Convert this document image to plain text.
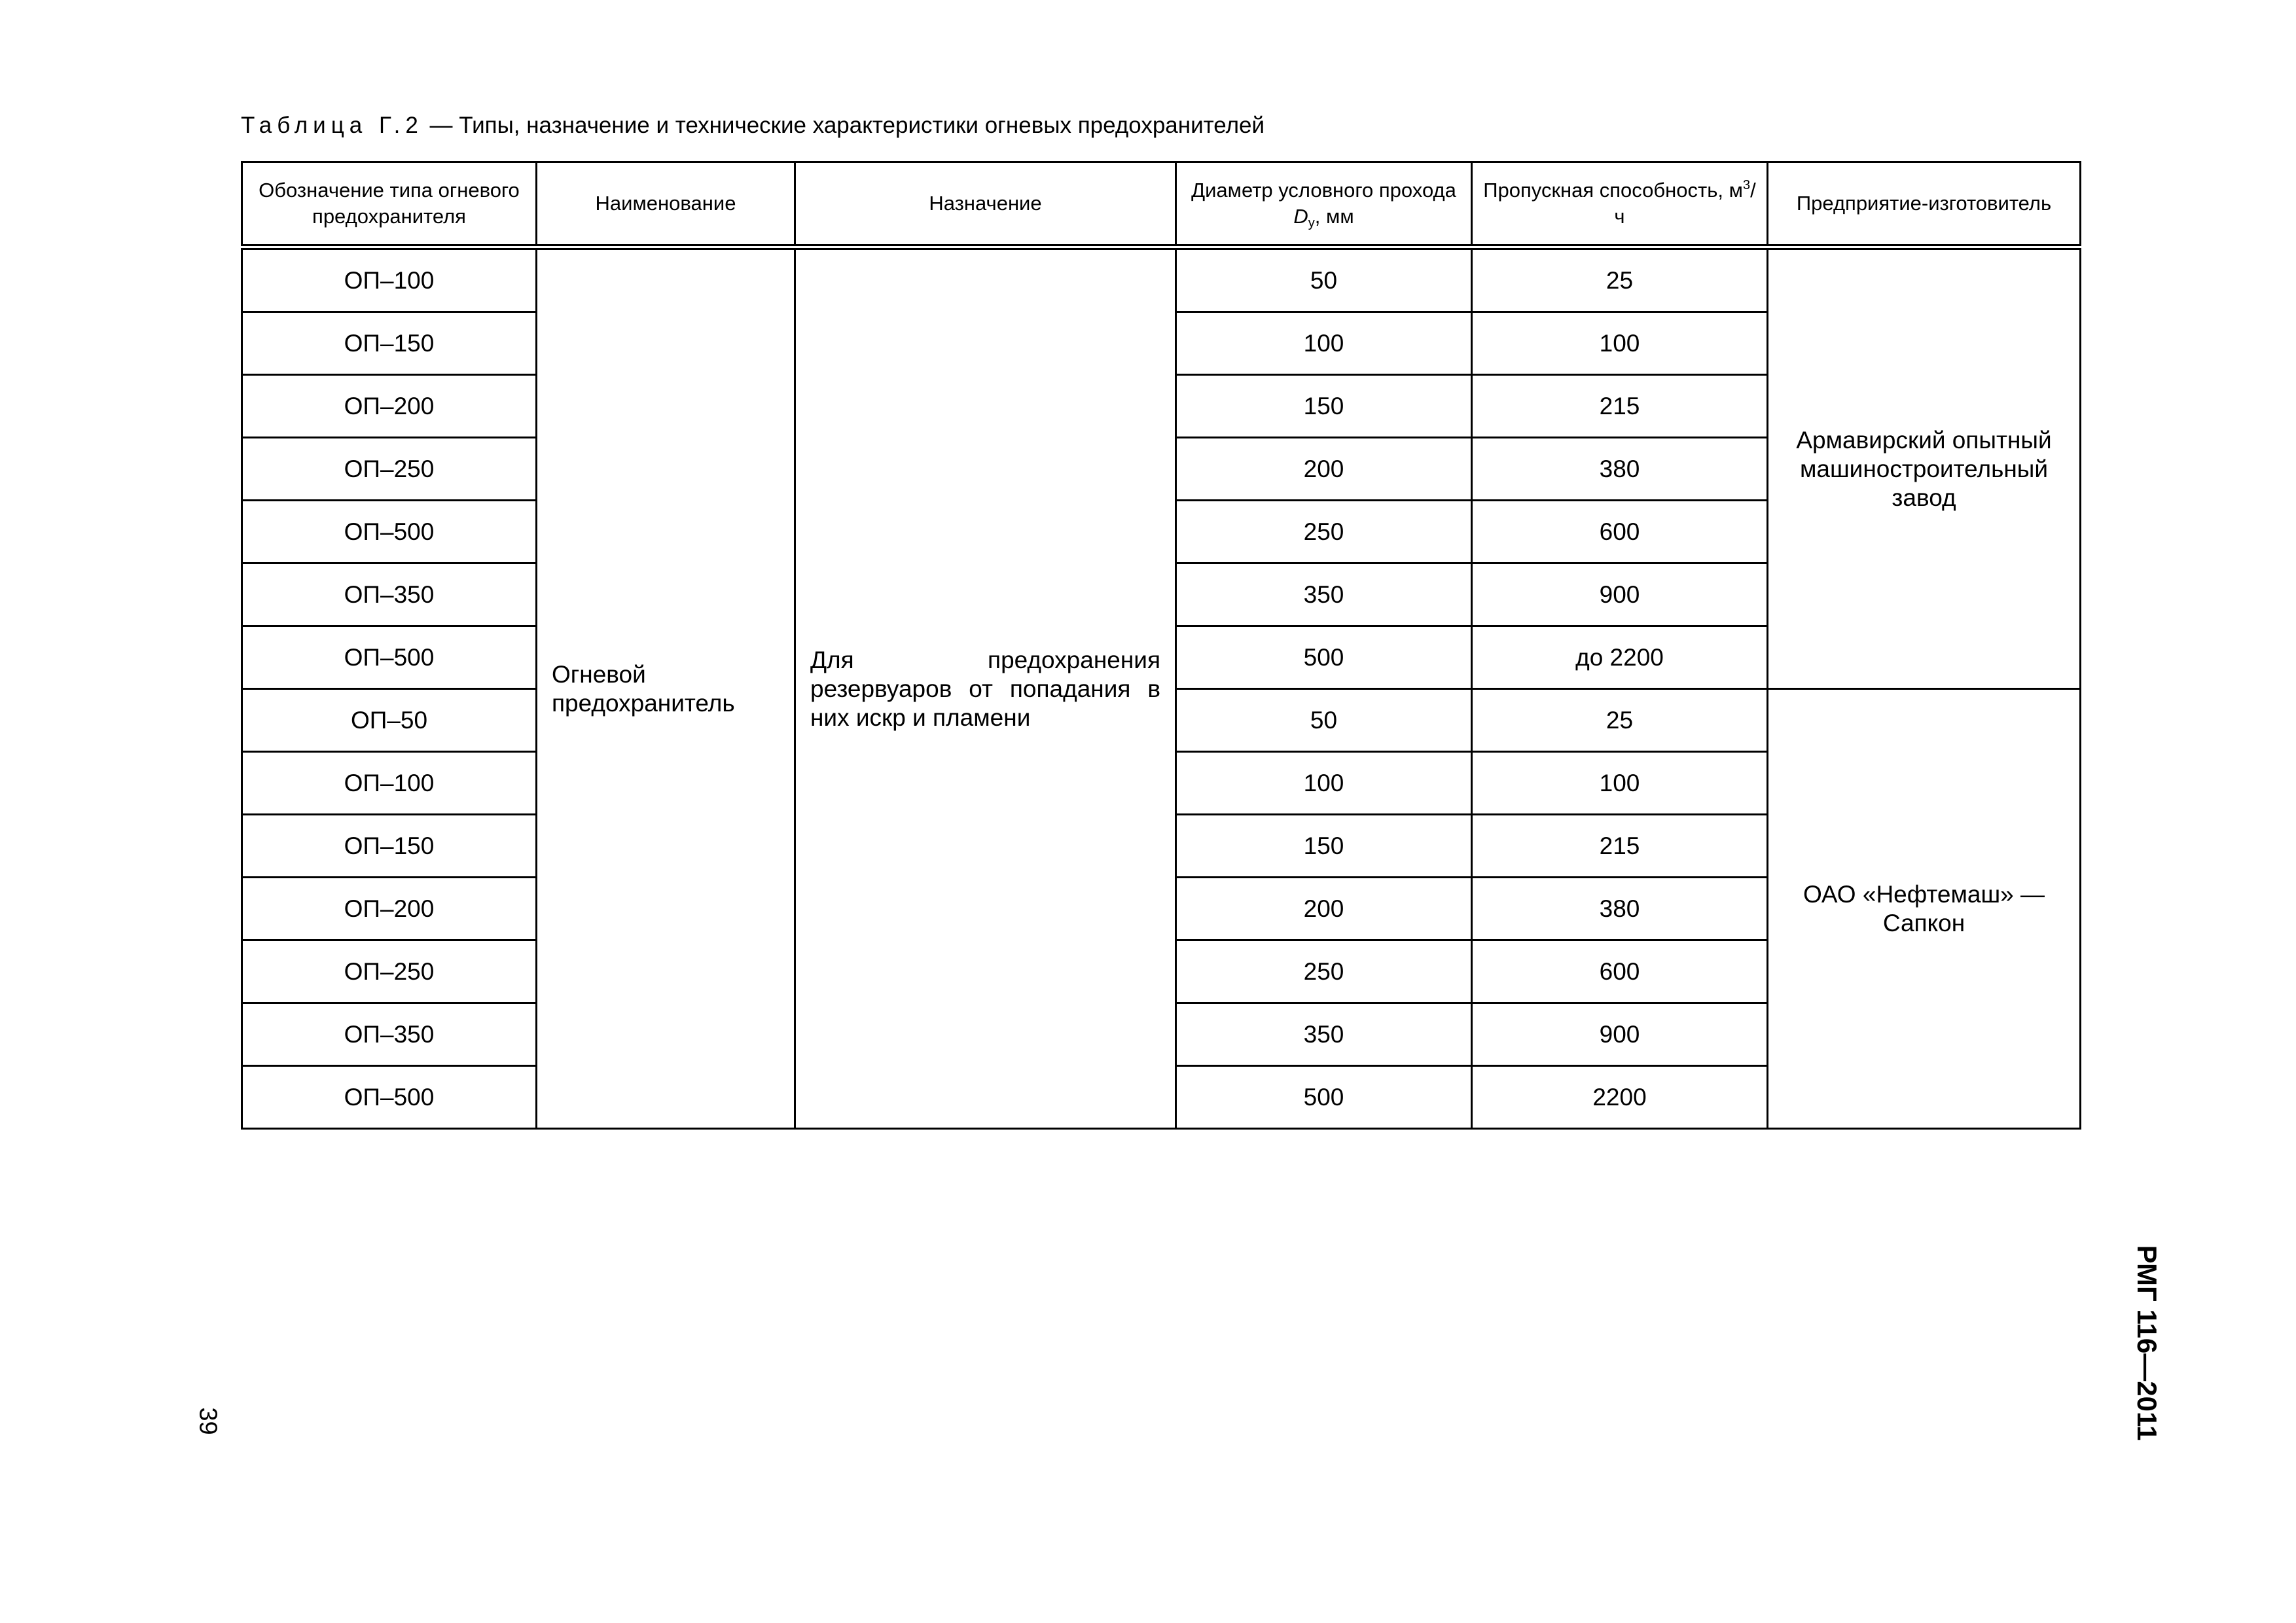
Таблица Г.2 — Типы, назначение и технические характеристики огневых предохранителей
Обозначение типа огневого предохранителя	Наименование	Назначение	Диаметр условного прохода $D_у$, мм	Пропускная способность, $м^3/ч$	Предприятие-изготовитель
ОП–100	Огневой предохранитель	Для предохранения резервуаров от попадания в них искр и пламени	50	25	Армавирский опытный машиностроительный завод
ОП–150			100	100	
ОП–200			150	215	
ОП–250			200	380	
ОП–500			250	600	
ОП–350			350	900	
ОП–500			500	до 2200	
ОП–50			50	25	ОАО «Нефтемаш» — Сапкон
ОП–100			100	100	
ОП–150			150	215	
ОП–200			200	380	
ОП–250			250	600	
ОП–350			350	900	
ОП–500			500	2200	
39	РМГ 116—2011
